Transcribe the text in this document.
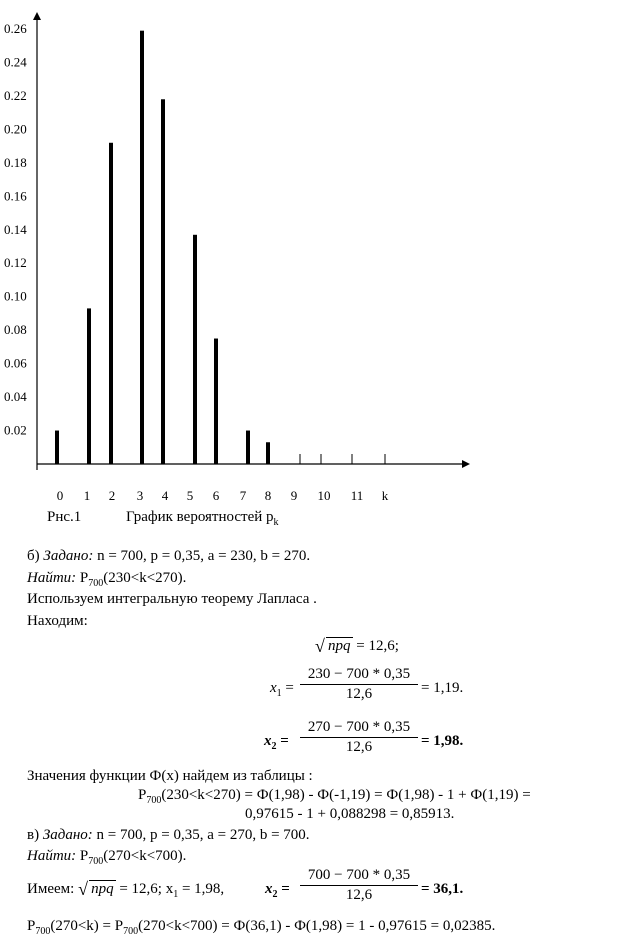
0.26
0.24
0.22
0.20
0.18
0.16
0.14
0.12
0.10
0.08
0.06
0.04
0.02
0 1 2 3 4 5 6 7 8 9 10 11 k
Рнс.1	График вероятностей $p_k$
б) Задано: n = 700, p = 0,35, a = 230, b = 270.
Найти: $P_{700}(230<k<270)$.
Используем интегральную теорему Лапласа .
Находим:
√ npq = 12,6;
$x_1$ =
230 − 700 * 0,35
12,6	= 1,19.
$x_2$ =
270 − 700 * 0,35
12,6	= 1,98.
Значения функции Ф(x) найдем из таблицы :
$P_{700}(230<k<270) = Ф(1,98) - Ф(-1,19) = Ф(1,98) - 1 + Ф(1,19)$ =
0,97615 - 1 + 0,088298 = 0,85913.
в) Задано: n = 700, p = 0,35, a = 270, b = 700.
Найти: $P_{700}(270<k<700)$.
Имеем: √ npq = 12,6; $x_1 = 1,98$,	$x_2$ =
700 − 700 * 0,35
12,6	= 36,1.
$P_{700}(270<k) = P_{700}(270<k<700) = Ф(36,1) - Ф(1,98) = 1 - 0,97615 = 0,02385$.
